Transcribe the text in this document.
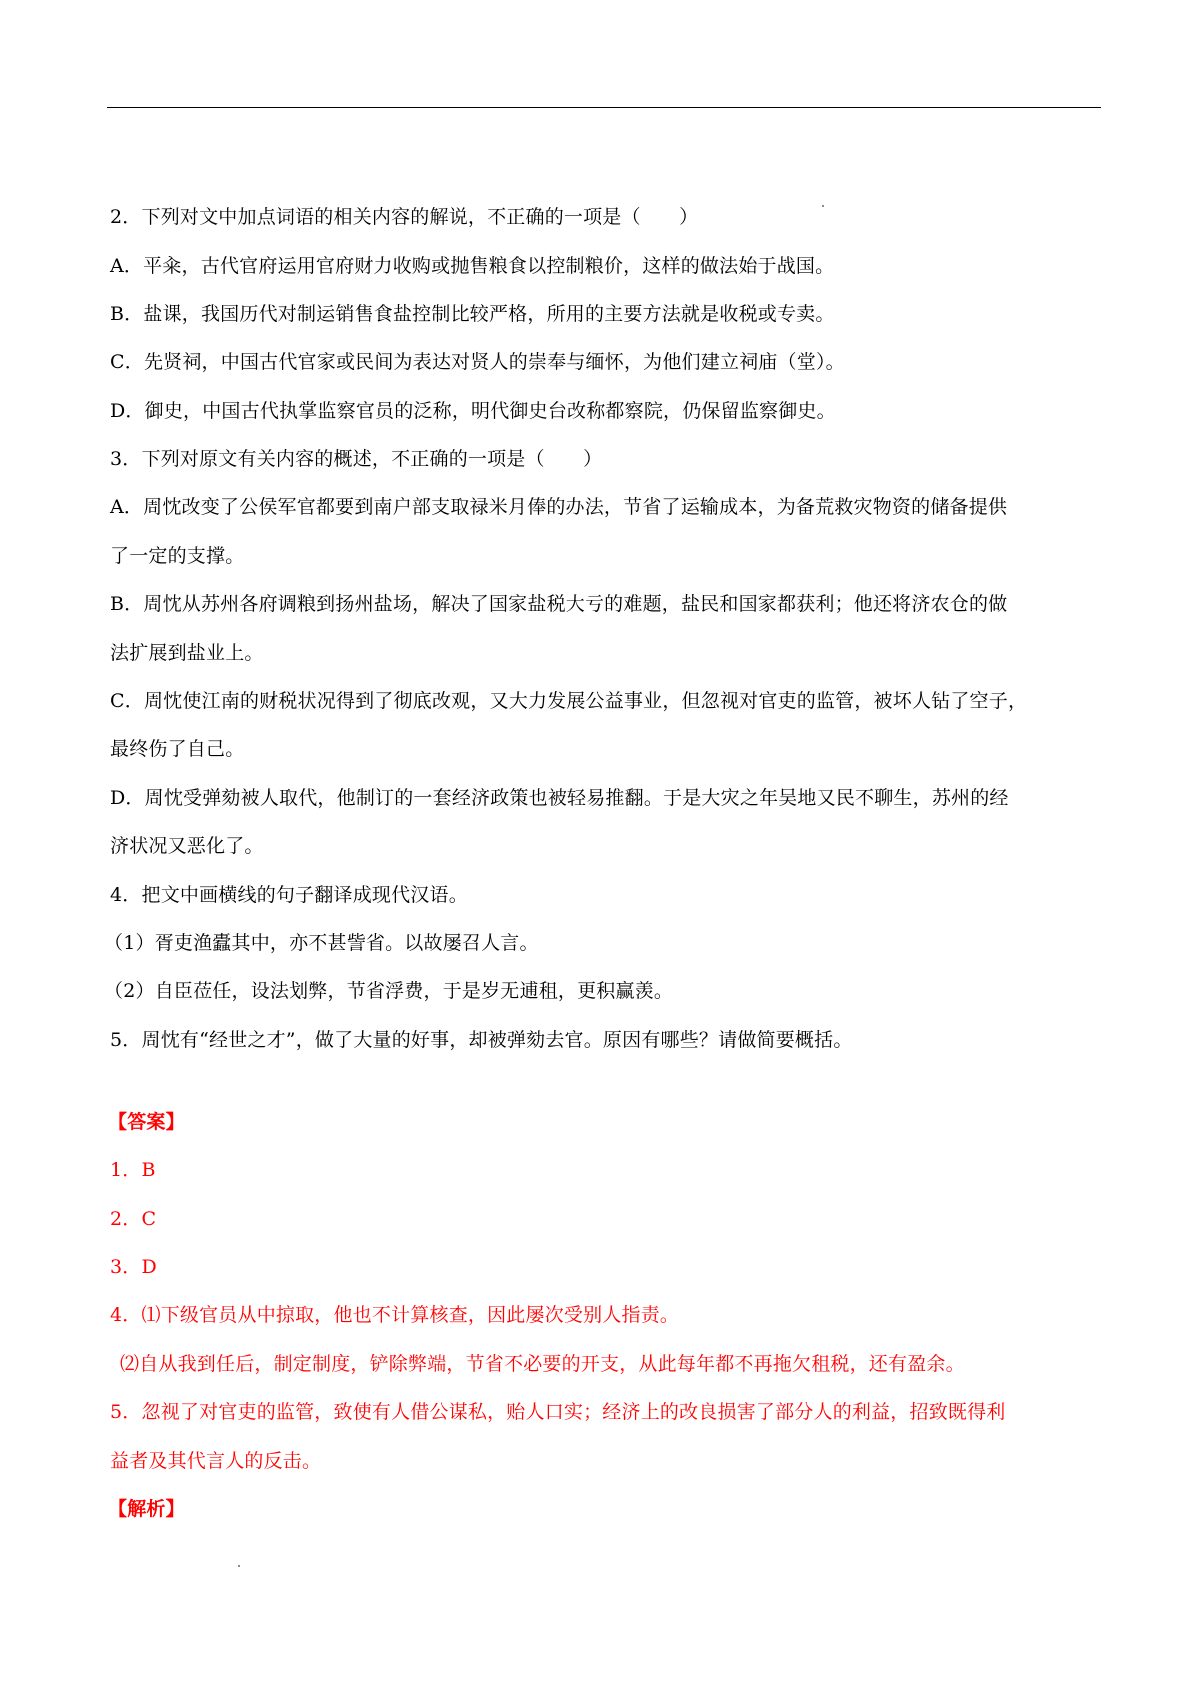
2．下列对文中加点词语的相关内容的解说，不正确的一项是（　　）
A．平籴，古代官府运用官府财力收购或抛售粮食以控制粮价，这样的做法始于战国。
B．盐课，我国历代对制运销售食盐控制比较严格，所用的主要方法就是收税或专卖。
C．先贤祠，中国古代官家或民间为表达对贤人的崇奉与缅怀，为他们建立祠庙（堂）。
D．御史，中国古代执掌监察官员的泛称，明代御史台改称都察院，仍保留监察御史。
3．下列对原文有关内容的概述，不正确的一项是（　　）
A．周忱改变了公侯军官都要到南户部支取禄米月俸的办法，节省了运输成本，为备荒救灾物资的储备提供
了一定的支撑。
B．周忱从苏州各府调粮到扬州盐场，解决了国家盐税大亏的难题，盐民和国家都获利；他还将济农仓的做
法扩展到盐业上。
C．周忱使江南的财税状况得到了彻底改观，又大力发展公益事业，但忽视对官吏的监管，被坏人钻了空子，
最终伤了自己。
D．周忱受弹劾被人取代，他制订的一套经济政策也被轻易推翻。于是大灾之年吴地又民不聊生，苏州的经
济状况又恶化了。
4．把文中画横线的句子翻译成现代汉语。
（1）胥吏渔蠹其中，亦不甚訾省。以故屡召人言。
（2）自臣莅任，设法划弊，节省浮费，于是岁无逋租，更积赢羡。
5．周忱有“经世之才”，做了大量的好事，却被弹劾去官。原因有哪些？请做简要概括。
【答案】
1．B
2．C
3．D
4．⑴下级官员从中掠取，他也不计算核查，因此屡次受别人指责。
⑵自从我到任后，制定制度，铲除弊端，节省不必要的开支，从此每年都不再拖欠租税，还有盈余。
5．忽视了对官吏的监管，致使有人借公谋私，贻人口实；经济上的改良损害了部分人的利益，招致既得利
益者及其代言人的反击。
【解析】
